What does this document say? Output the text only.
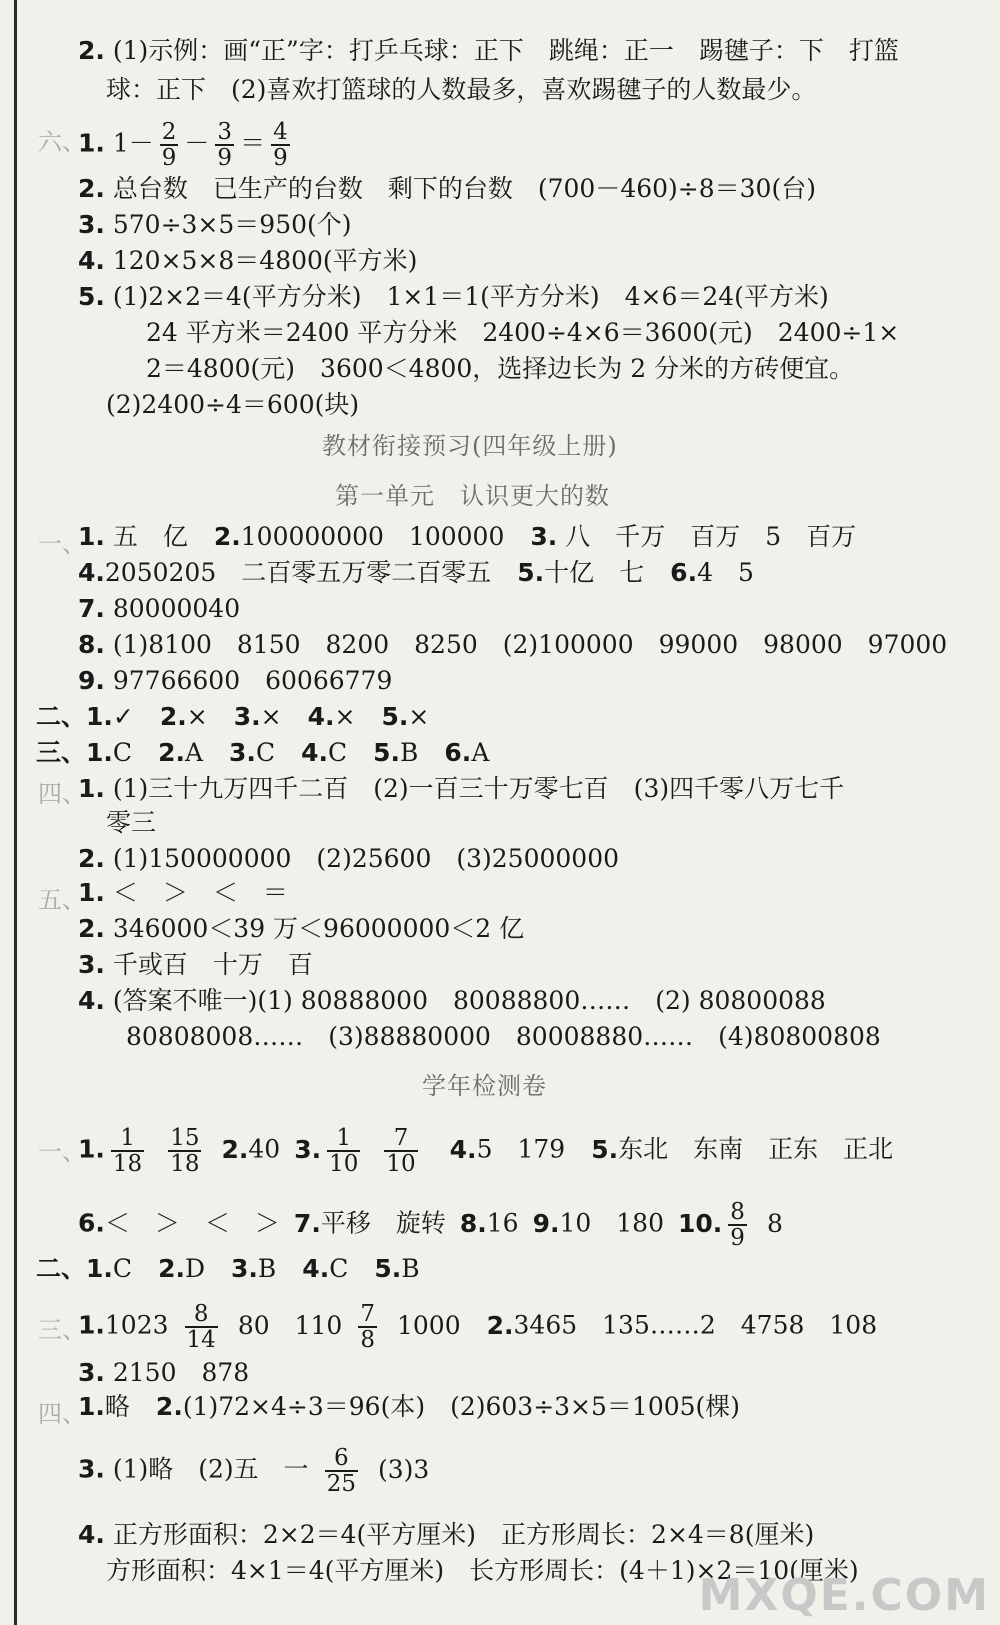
2. (1)示例：画“正”字：打乒乓球：正下　跳绳：正一　踢毽子：下　打篮
球：正下　(2)喜欢打篮球的人数最多，喜欢踢毽子的人数最少。
六、
1. $1- \frac{2}{9} - \frac{3}{9} = \frac{4}{9}$
2. 总台数　已生产的台数　剩下的台数　(700－460)÷8＝30(台)
3. 570÷3×5＝950(个)
4. 120×5×8＝4800(平方米)
5. (1)2×2＝4(平方分米)　1×1＝1(平方分米)　4×6＝24(平方米)
24 平方米＝2400 平方分米　2400÷4×6＝3600(元)　2400÷1×
2＝4800(元)　3600＜4800，选择边长为 2 分米的方砖便宜。
(2)2400÷4＝600(块)
教材衔接预习(四年级上册)
第一单元　认识更大的数
一、
1. 五　亿 2.100000000　100000 3. 八　千万　百万　5　百万
4.2050205　二百零五万零二百零五 5.十亿　七 6.4　5
7. 80000040
8. (1)8100　8150　8200　8250　(2)100000　99000　98000　97000
9. 97766600　60066779
二、1.✓ 2.× 3.× 4.× 5.×
三、1.C 2.A 3.C 4.C 5.B 6.A
四、
1. (1)三十九万四千二百　(2)一百三十万零七百　(3)四千零八万七千
零三
2. (1)150000000　(2)25600　(3)25000000
五、
1. ＜　＞　＜　＝
2. 346000＜39 万＜96000000＜2 亿
3. 千或百　十万　百
4. (答案不唯一)(1) 80888000　80088800……　(2) 80800088
80808008……　(3)88880000　80008880……　(4)80800808
学年检测卷
一、
1. $\frac{1}{18} \frac{15}{18} 2.40$ 3. $\frac{1}{10} \frac{7}{10} 4.5$　179 5.东北　东南　正东　正北
6.＜　＞　＜　＞ 7.平移　旋转 8.16 9.10　180 10. $\frac{8}{9} 8$
二、1.C 2.D 3.B 4.C 5.B
三、
$1.1023 \frac{8}{14} 80$　$110 \frac{7}{8} 1000$ 2.3465　135……2　4758　108
3. 2150　878
四、
1.略 2.(1)72×4÷3＝96(本)　(2)603÷3×5＝1005(棵)
3. (1)略　(2)五　一 $\frac{6}{25} (3)3$
4. 正方形面积：2×2＝4(平方厘米)　正方形周长：2×4＝8(厘米)
方形面积：4×1＝4(平方厘米)　长方形周长：(4＋1)×2＝10(厘米)
MXQE.COM
